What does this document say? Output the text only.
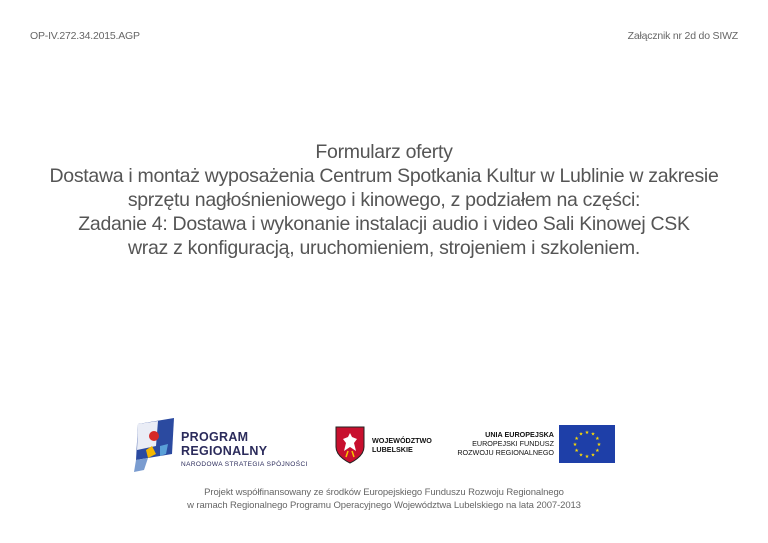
OP-IV.272.34.2015.AGP	Załącznik nr 2d do SIWZ
Formularz oferty
Dostawa i montaż wyposażenia Centrum Spotkania Kultur w Lublinie w zakresie
sprzętu nagłośnieniowego i kinowego, z podziałem na części:
Zadanie 4: Dostawa i wykonanie instalacji audio i video Sali Kinowej CSK
wraz z konfiguracją, uruchomieniem, strojeniem i szkoleniem.
PROGRAM
REGIONALNY
NARODOWA STRATEGIA SPÓJNOŚCI
WOJEWÓDZTWO
LUBELSKIE
UNIA EUROPEJSKA
EUROPEJSKI FUNDUSZ
ROZWOJU REGIONALNEGO
★ ★
★
★
★
★
★
★
★
★
★
★
Projekt współfinansowany ze środków Europejskiego Funduszu Rozwoju Regionalnego
w ramach Regionalnego Programu Operacyjnego Województwa Lubelskiego na lata 2007-2013
